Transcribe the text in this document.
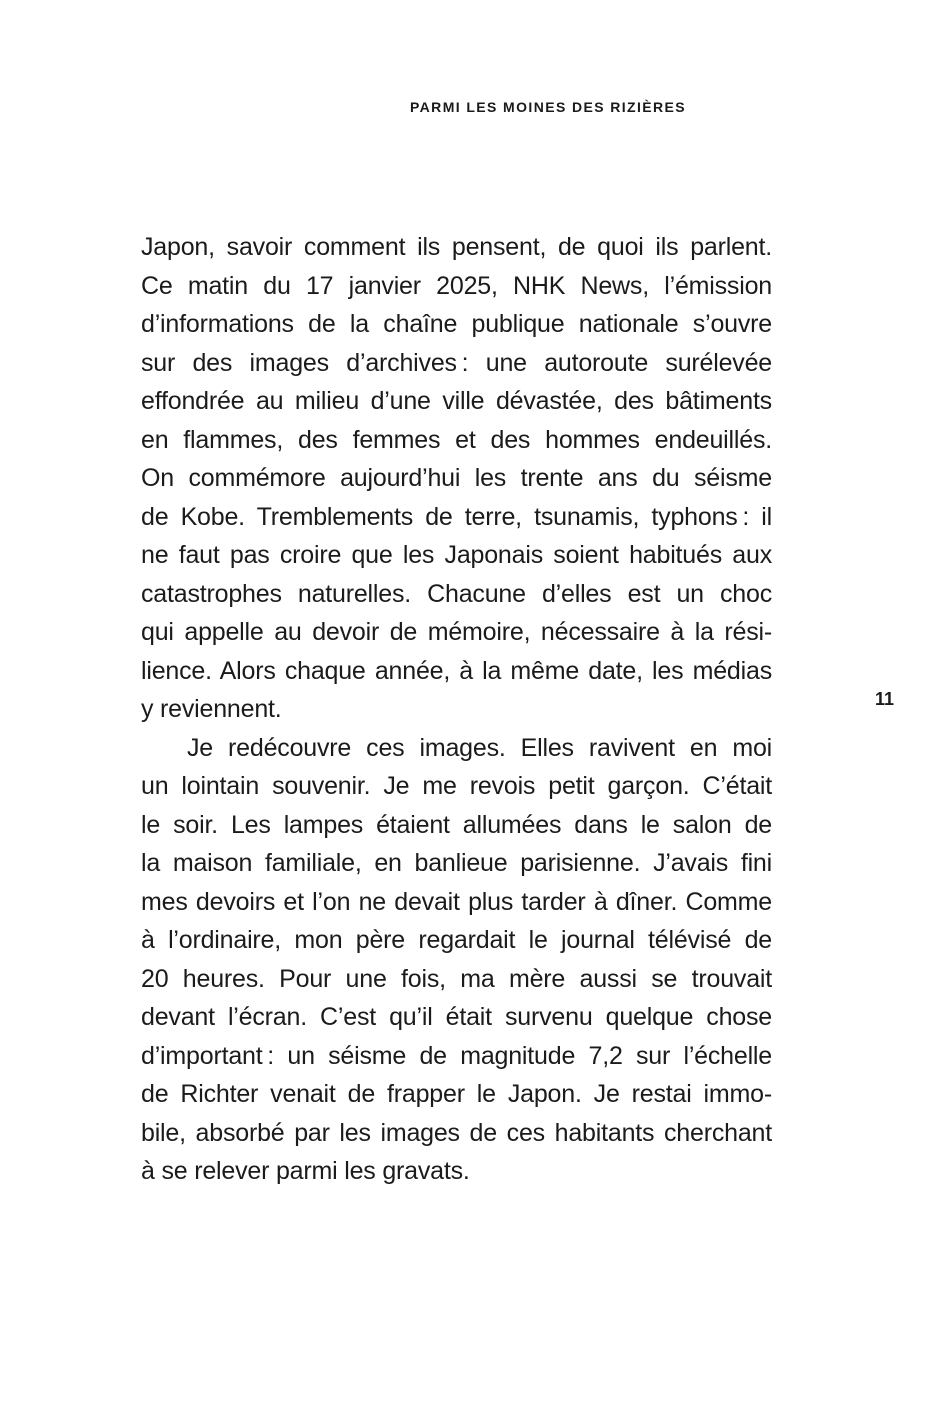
PARMI LES MOINES DES RIZIÈRES
11
Japon, savoir comment ils pensent, de quoi ils parlent.
Ce matin du 17 janvier 2025, NHK News, l’émission
d’informations de la chaîne publique nationale s’ouvre
sur des images d’archives : une autoroute surélevée
effondrée au milieu d’une ville dévastée, des bâtiments
en flammes, des femmes et des hommes endeuillés.
On commémore aujourd’hui les trente ans du séisme
de Kobe. Tremblements de terre, tsunamis, typhons : il
ne faut pas croire que les Japonais soient habitués aux
catastrophes naturelles. Chacune d’elles est un choc
qui appelle au devoir de mémoire, nécessaire à la rési-
lience. Alors chaque année, à la même date, les médias
y reviennent.
Je redécouvre ces images. Elles ravivent en moi
un lointain souvenir. Je me revois petit garçon. C’était
le soir. Les lampes étaient allumées dans le salon de
la maison familiale, en banlieue parisienne. J’avais fini
mes devoirs et l’on ne devait plus tarder à dîner. Comme
à l’ordinaire, mon père regardait le journal télévisé de
20 heures. Pour une fois, ma mère aussi se trouvait
devant l’écran. C’est qu’il était survenu quelque chose
d’important : un séisme de magnitude 7,2 sur l’échelle
de Richter venait de frapper le Japon. Je restai immo-
bile, absorbé par les images de ces habitants cherchant
à se relever parmi les gravats.
